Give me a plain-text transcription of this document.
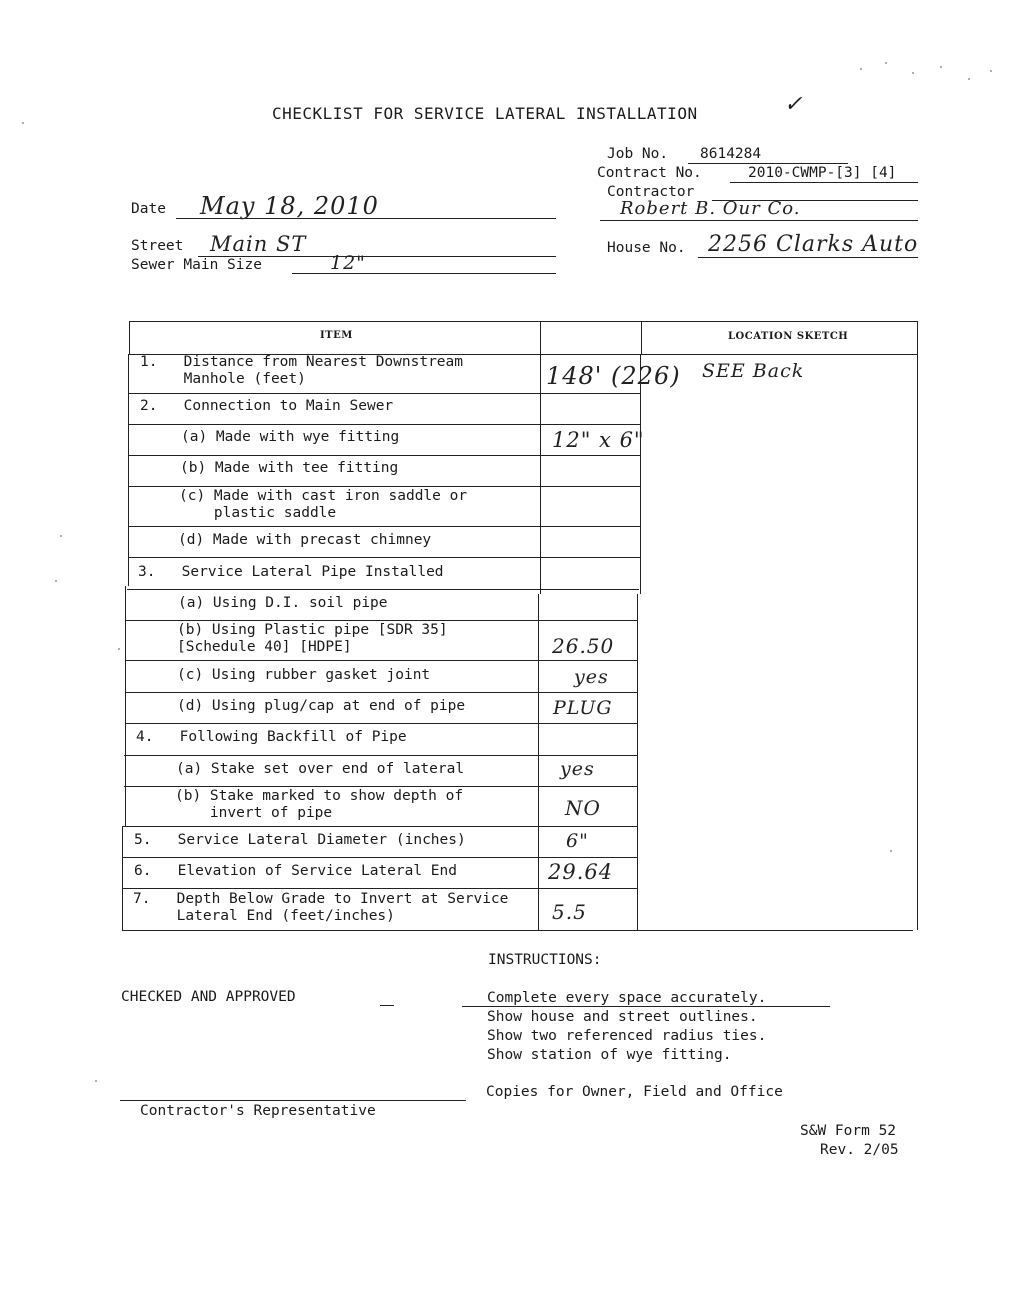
CHECKLIST FOR SERVICE LATERAL INSTALLATION	✓
Job No. 8614284
Contract No.	2010-CWMP-[3] [4]
Contractor
Robert B. Our Co.
Date May 18, 2010
Street Main ST
Sewer Main Size	12"
House No. 2256 Clarks Auto
ITEM	LOCATION SKETCH
SEE Back
1.   Distance from Nearest Downstream
Manhole (feet)	148' (226)
2.   Connection to Main Sewer
(a) Made with wye fitting	12" x 6"
(b) Made with tee fitting
(c) Made with cast iron saddle or
plastic saddle
(d) Made with precast chimney
3.   Service Lateral Pipe Installed
(a) Using D.I. soil pipe
(b) Using Plastic pipe [SDR 35]
[Schedule 40] [HDPE]	26.50
(c) Using rubber gasket joint	yes
(d) Using plug/cap at end of pipe	PLUG
4.   Following Backfill of Pipe
(a) Stake set over end of lateral	yes
(b) Stake marked to show depth of
invert of pipe	NO
5.   Service Lateral Diameter (inches)	6"
6.   Elevation of Service Lateral End	29.64
7.   Depth Below Grade to Invert at Service
Lateral End (feet/inches)	5.5
INSTRUCTIONS:
CHECKED AND APPROVED	Complete every space accurately.
Show house and street outlines.
Show two referenced radius ties.
Show station of wye fitting.
Copies for Owner, Field and Office
Contractor's Representative
S&W Form 52
Rev. 2/05
